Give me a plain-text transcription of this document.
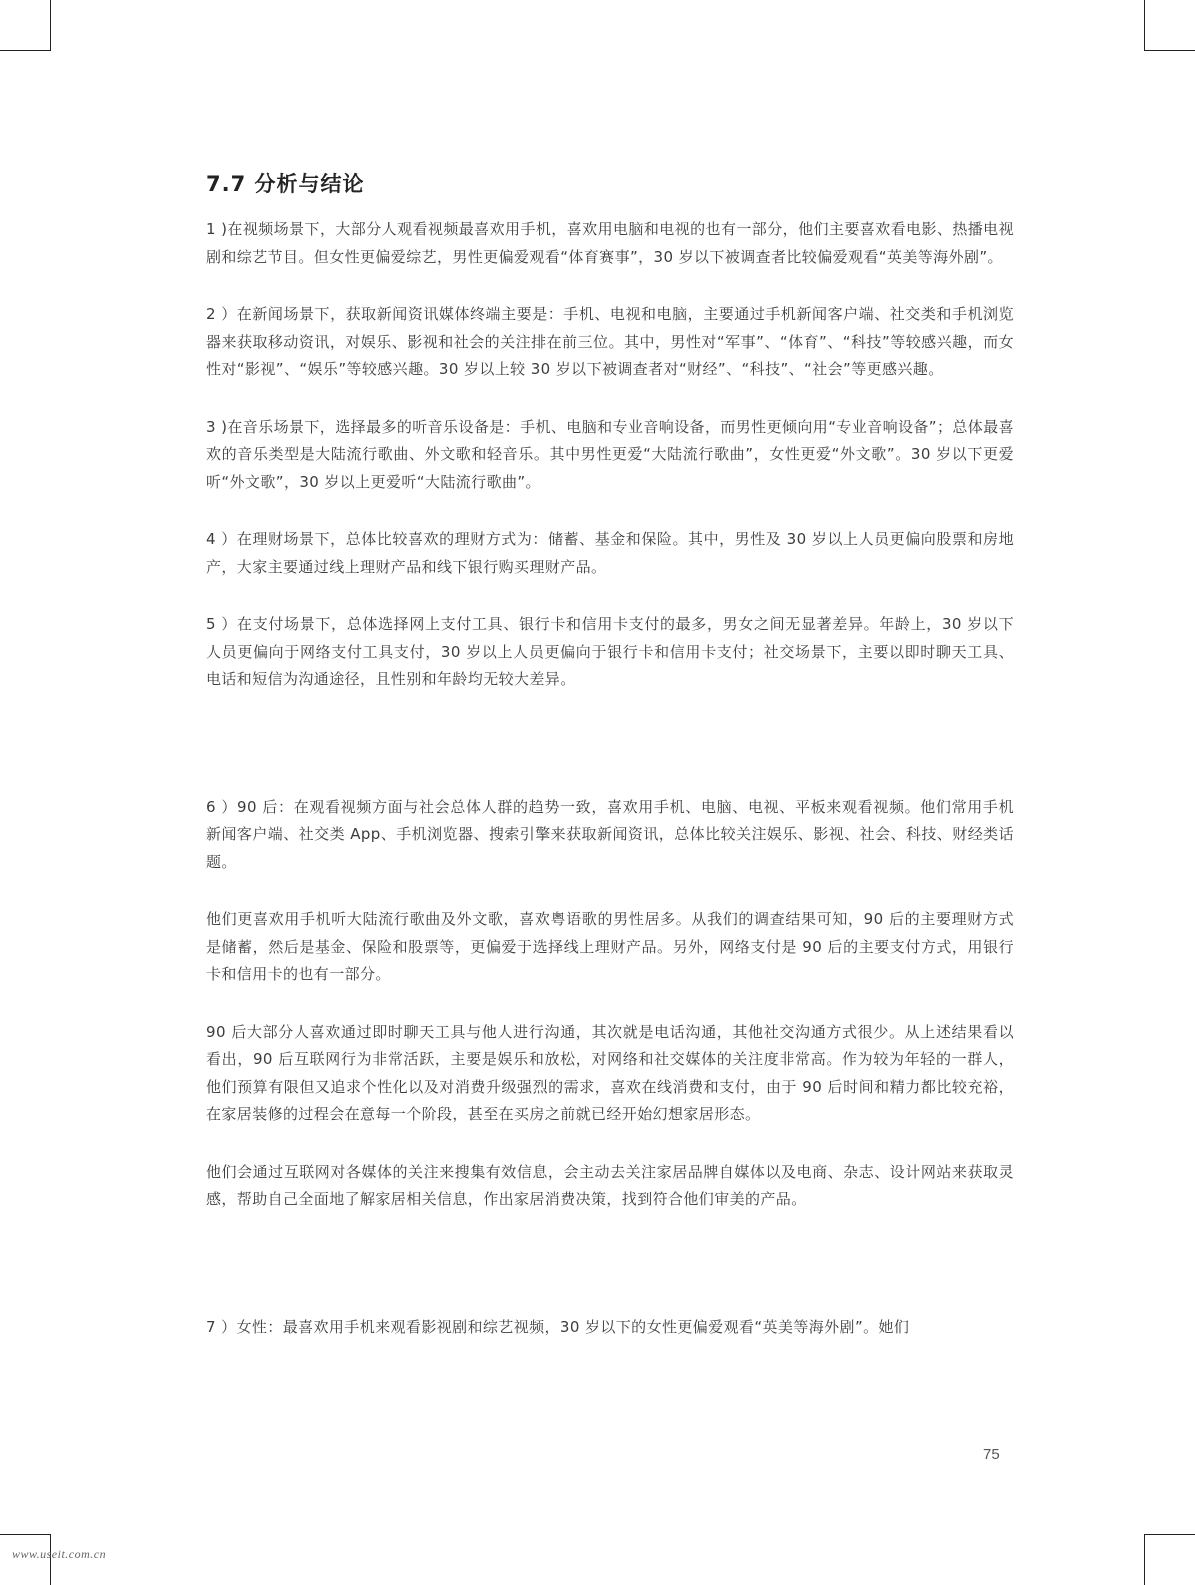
7.7 分析与结论

1 )在视频场景下，大部分人观看视频最喜欢用手机，喜欢用电脑和电视的也有一部分，他们主要喜欢看电影、热播电视剧和综艺节目。但女性更偏爱综艺，男性更偏爱观看“体育赛事”，30 岁以下被调查者比较偏爱观看“英美等海外剧”。

2 ）在新闻场景下，获取新闻资讯媒体终端主要是：手机、电视和电脑，主要通过手机新闻客户端、社交类和手机浏览器来获取移动资讯，对娱乐、影视和社会的关注排在前三位。其中，男性对“军事”、“体育”、“科技”等较感兴趣，而女性对“影视”、“娱乐”等较感兴趣。30 岁以上较 30 岁以下被调查者对“财经”、“科技”、“社会”等更感兴趣。

3 )在音乐场景下，选择最多的听音乐设备是：手机、电脑和专业音响设备，而男性更倾向用“专业音响设备”；总体最喜欢的音乐类型是大陆流行歌曲、外文歌和轻音乐。其中男性更爱“大陆流行歌曲”，女性更爱“外文歌”。30 岁以下更爱听“外文歌”，30 岁以上更爱听“大陆流行歌曲”。

4 ）在理财场景下，总体比较喜欢的理财方式为：储蓄、基金和保险。其中，男性及 30 岁以上人员更偏向股票和房地产，大家主要通过线上理财产品和线下银行购买理财产品。

5 ）在支付场景下，总体选择网上支付工具、银行卡和信用卡支付的最多，男女之间无显著差异。年龄上，30 岁以下人员更偏向于网络支付工具支付，30 岁以上人员更偏向于银行卡和信用卡支付；社交场景下，主要以即时聊天工具、电话和短信为沟通途径，且性别和年龄均无较大差异。

6 ）90 后：在观看视频方面与社会总体人群的趋势一致，喜欢用手机、电脑、电视、平板来观看视频。他们常用手机新闻客户端、社交类 App、手机浏览器、搜索引擎来获取新闻资讯，总体比较关注娱乐、影视、社会、科技、财经类话题。

他们更喜欢用手机听大陆流行歌曲及外文歌，喜欢粤语歌的男性居多。从我们的调查结果可知，90 后的主要理财方式是储蓄，然后是基金、保险和股票等，更偏爱于选择线上理财产品。另外，网络支付是 90 后的主要支付方式，用银行卡和信用卡的也有一部分。

90 后大部分人喜欢通过即时聊天工具与他人进行沟通，其次就是电话沟通，其他社交沟通方式很少。从上述结果看以看出，90 后互联网行为非常活跃，主要是娱乐和放松，对网络和社交媒体的关注度非常高。作为较为年轻的一群人，他们预算有限但又追求个性化以及对消费升级强烈的需求，喜欢在线消费和支付，由于 90 后时间和精力都比较充裕，在家居装修的过程会在意每一个阶段，甚至在买房之前就已经开始幻想家居形态。

他们会通过互联网对各媒体的关注来搜集有效信息，会主动去关注家居品牌自媒体以及电商、杂志、设计网站来获取灵感，帮助自己全面地了解家居相关信息，作出家居消费决策，找到符合他们审美的产品。

7 ）女性：最喜欢用手机来观看影视剧和综艺视频，30 岁以下的女性更偏爱观看“英美等海外剧”。她们

75
www.useit.com.cn
